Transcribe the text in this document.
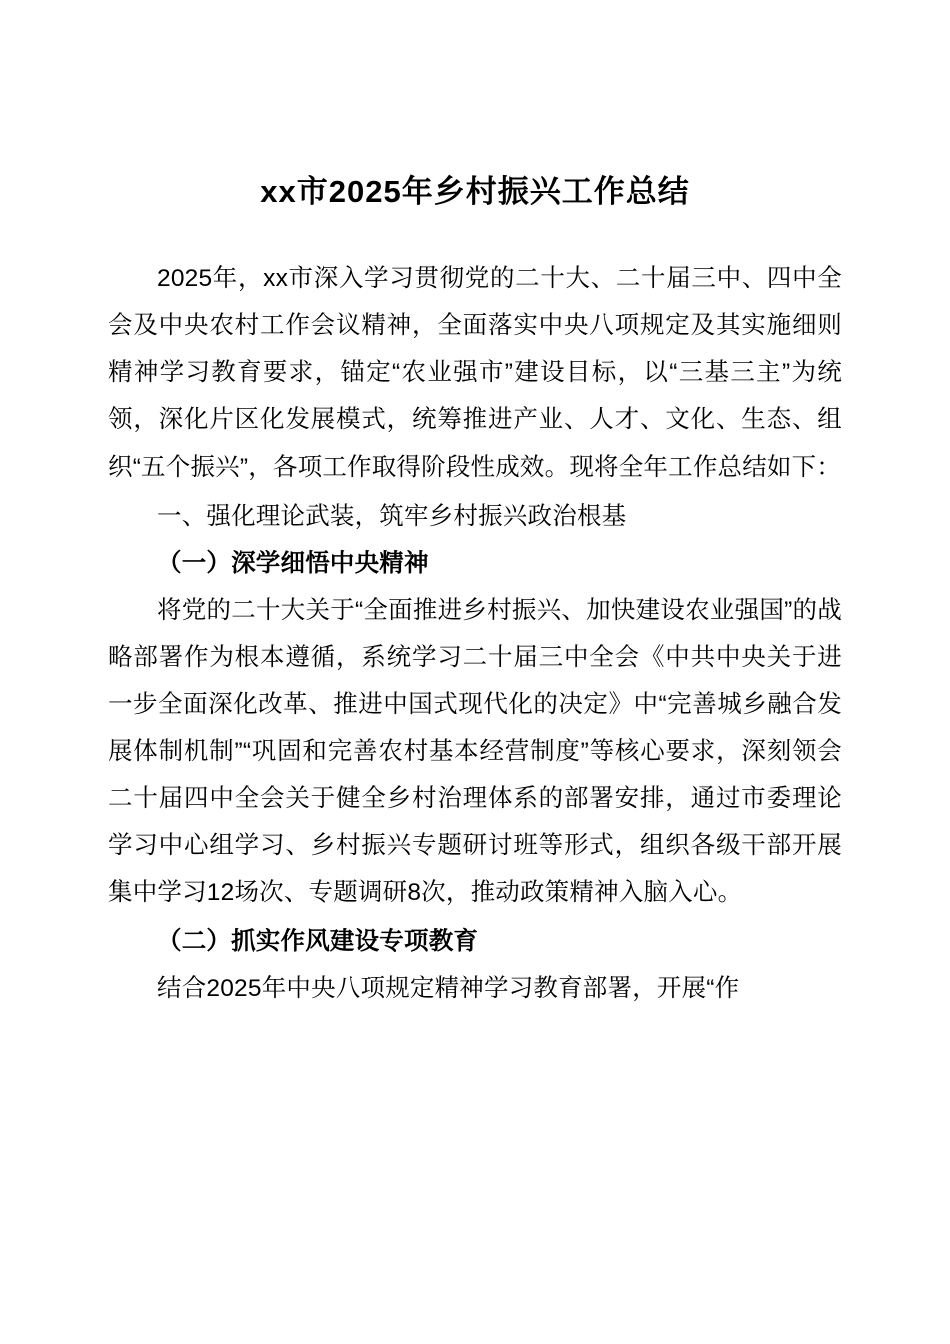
xx市2025年乡村振兴工作总结

2025年，xx市深入学习贯彻党的二十大、二十届三中、四中全会及中央农村工作会议精神，全面落实中央八项规定及其实施细则精神学习教育要求，锚定“农业强市”建设目标，以“三基三主”为统领，深化片区化发展模式，统筹推进产业、人才、文化、生态、组织“五个振兴”，各项工作取得阶段性成效。现将全年工作总结如下：

一、强化理论武装，筑牢乡村振兴政治根基

（一）深学细悟中央精神

将党的二十大关于“全面推进乡村振兴、加快建设农业强国”的战略部署作为根本遵循，系统学习二十届三中全会《中共中央关于进一步全面深化改革、推进中国式现代化的决定》中“完善城乡融合发展体制机制”“巩固和完善农村基本经营制度”等核心要求，深刻领会二十届四中全会关于健全乡村治理体系的部署安排，通过市委理论学习中心组学习、乡村振兴专题研讨班等形式，组织各级干部开展集中学习12场次、专题调研8次，推动政策精神入脑入心。

（二）抓实作风建设专项教育

结合2025年中央八项规定精神学习教育部署，开展“作
